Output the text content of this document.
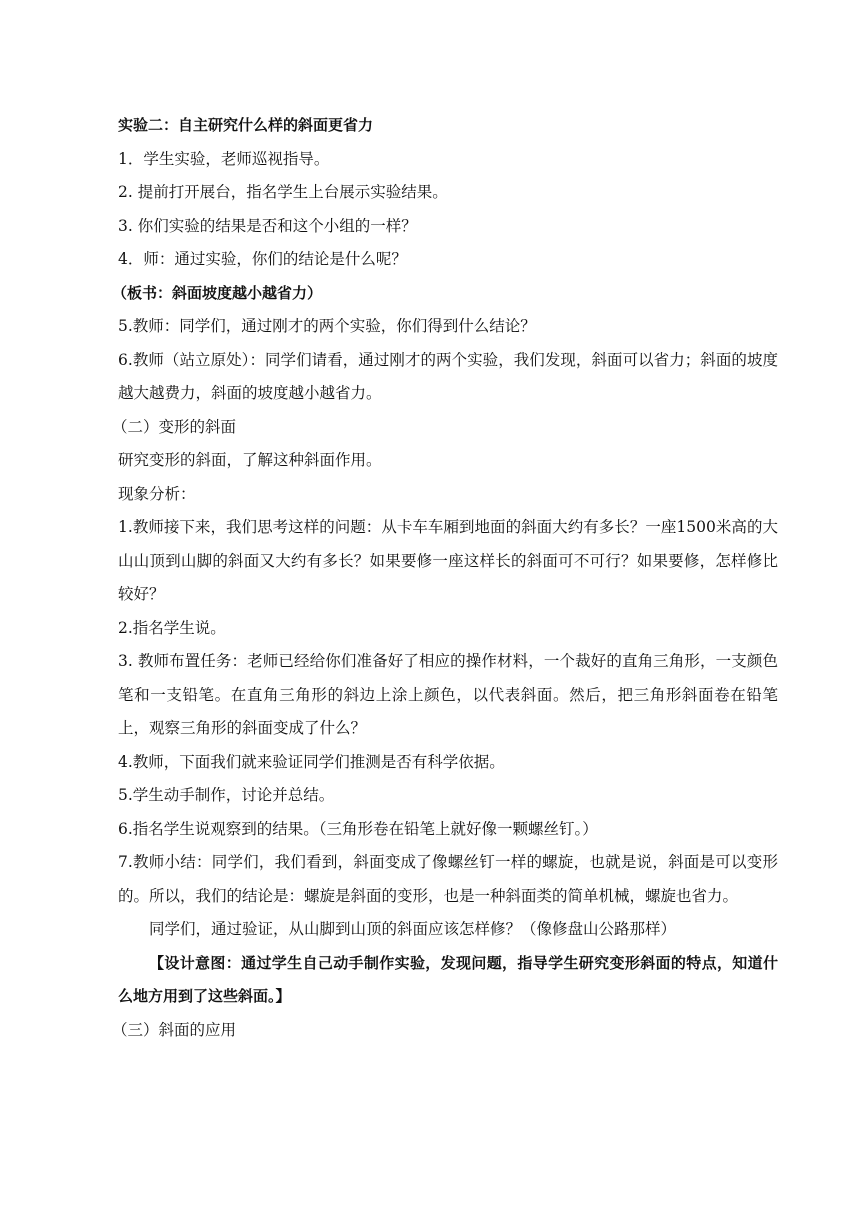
实验二：自主研究什么样的斜面更省力
1．学生实验，老师巡视指导。
2. 提前打开展台，指名学生上台展示实验结果。
3. 你们实验的结果是否和这个小组的一样？
4．师：通过实验，你们的结论是什么呢？
（板书：斜面坡度越小越省力）
5.教师：同学们，通过刚才的两个实验，你们得到什么结论？
6.教师（站立原处）：同学们请看，通过刚才的两个实验，我们发现，斜面可以省力；斜面的坡度越大越费力，斜面的坡度越小越省力。
（二）变形的斜面
研究变形的斜面，了解这种斜面作用。
现象分析：
1.教师接下来，我们思考这样的问题：从卡车车厢到地面的斜面大约有多长？一座1500米高的大山山顶到山脚的斜面又大约有多长？如果要修一座这样长的斜面可不可行？如果要修，怎样修比较好？
2.指名学生说。
3. 教师布置任务：老师已经给你们准备好了相应的操作材料，一个裁好的直角三角形，一支颜色笔和一支铅笔。在直角三角形的斜边上涂上颜色，以代表斜面。然后，把三角形斜面卷在铅笔上，观察三角形的斜面变成了什么？
4.教师，下面我们就来验证同学们推测是否有科学依据。
5.学生动手制作，讨论并总结。
6.指名学生说观察到的结果。（三角形卷在铅笔上就好像一颗螺丝钉。）
7.教师小结：同学们，我们看到，斜面变成了像螺丝钉一样的螺旋，也就是说，斜面是可以变形的。所以，我们的结论是：螺旋是斜面的变形，也是一种斜面类的简单机械，螺旋也省力。
同学们，通过验证，从山脚到山顶的斜面应该怎样修？（像修盘山公路那样）
【设计意图：通过学生自己动手制作实验，发现问题，指导学生研究变形斜面的特点，知道什么地方用到了这些斜面。】
（三）斜面的应用
